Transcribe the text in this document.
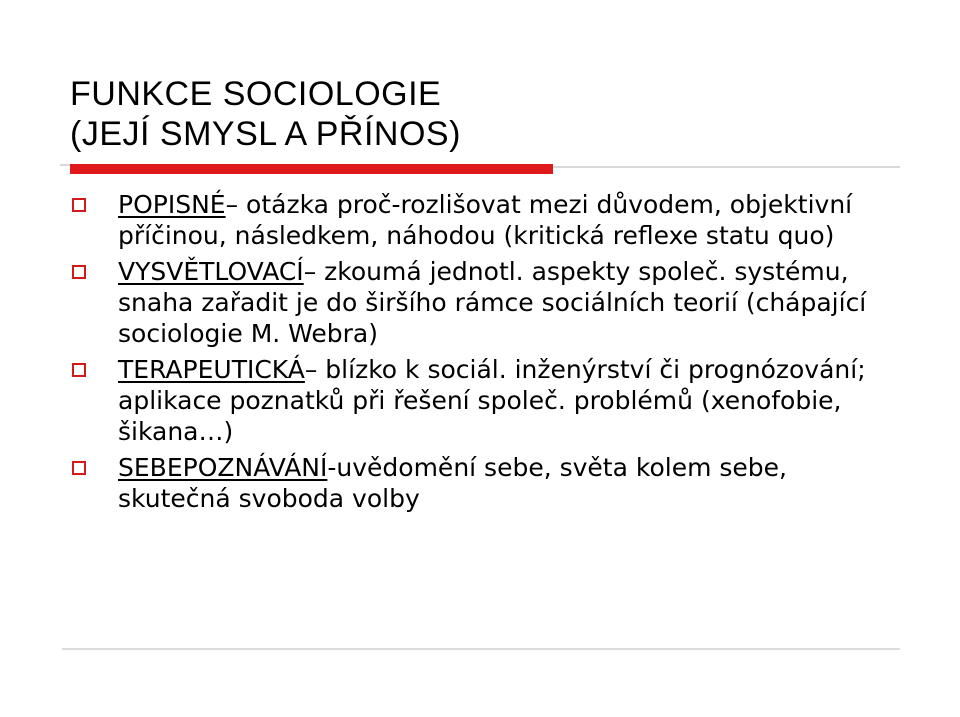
FUNKCE SOCIOLOGIE
(JEJÍ SMYSL A PŘÍNOS)
POPISNÉ– otázka proč-rozlišovat mezi důvodem, objektivní příčinou, následkem, náhodou (kritická reflexe statu quo)
VYSVĚTLOVACÍ– zkoumá jednotl. aspekty společ. systému, snaha zařadit je do širšího rámce sociálních teorií (chápající sociologie M. Webra)
TERAPEUTICKÁ– blízko k sociál. inženýrství či prognózování; aplikace poznatků při řešení společ. problémů (xenofobie, šikana…)
SEBEPOZNÁVÁNÍ-uvědomění sebe, světa kolem sebe, skutečná svoboda volby
